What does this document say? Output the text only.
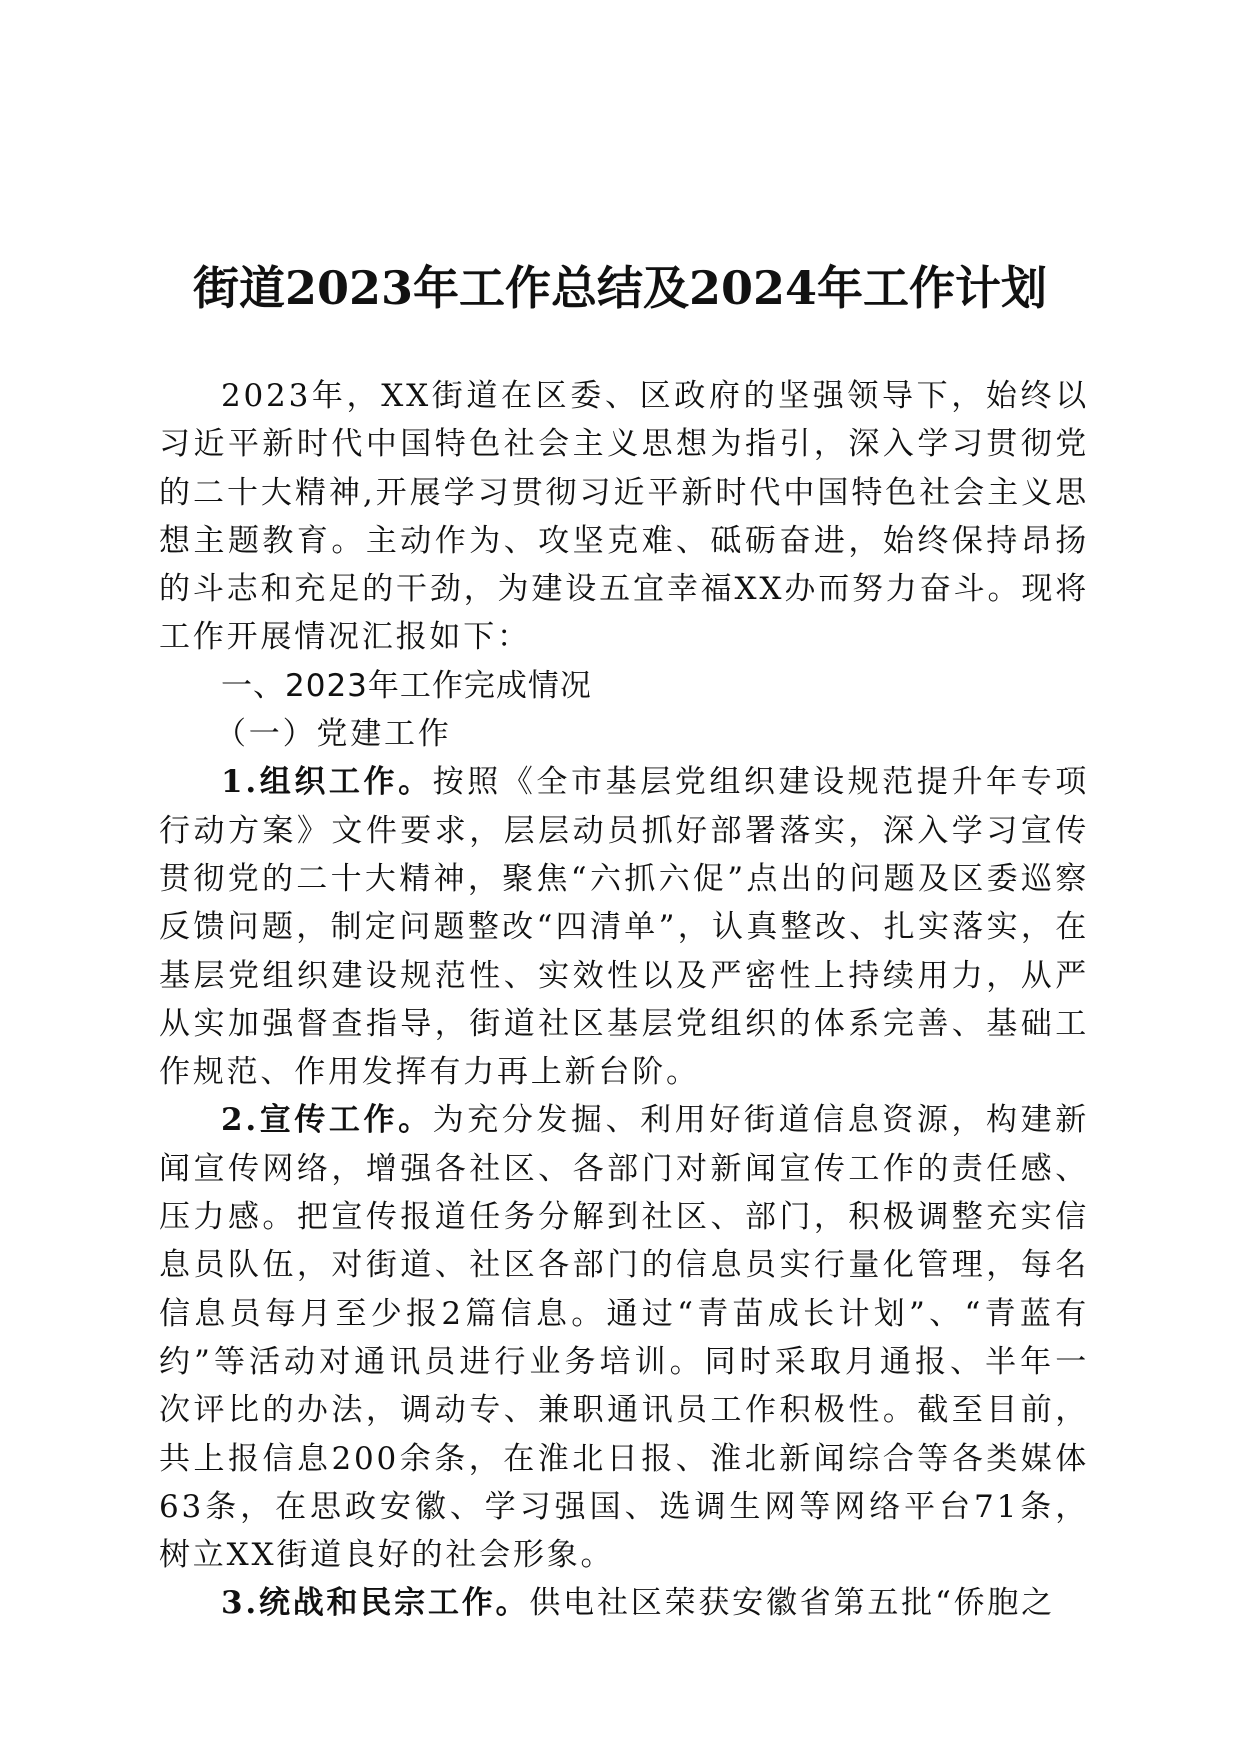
街道2023年工作总结及2024年工作计划

2023年，XX街道在区委、区政府的坚强领导下，始终以习近平新时代中国特色社会主义思想为指引，深入学习贯彻党的二十大精神,开展学习贯彻习近平新时代中国特色社会主义思想主题教育。主动作为、攻坚克难、砥砺奋进，始终保持昂扬的斗志和充足的干劲，为建设五宜幸福XX办而努力奋斗。现将工作开展情况汇报如下：

一、2023年工作完成情况

（一）党建工作

1.组织工作。按照《全市基层党组织建设规范提升年专项行动方案》文件要求，层层动员抓好部署落实，深入学习宣传贯彻党的二十大精神，聚焦“六抓六促”点出的问题及区委巡察反馈问题，制定问题整改“四清单”，认真整改、扎实落实，在基层党组织建设规范性、实效性以及严密性上持续用力，从严从实加强督查指导，街道社区基层党组织的体系完善、基础工作规范、作用发挥有力再上新台阶。

2.宣传工作。为充分发掘、利用好街道信息资源，构建新闻宣传网络，增强各社区、各部门对新闻宣传工作的责任感、压力感。把宣传报道任务分解到社区、部门，积极调整充实信息员队伍，对街道、社区各部门的信息员实行量化管理，每名信息员每月至少报2篇信息。通过“青苗成长计划”、“青蓝有约”等活动对通讯员进行业务培训。同时采取月通报、半年一次评比的办法，调动专、兼职通讯员工作积极性。截至目前，共上报信息200余条，在淮北日报、淮北新闻综合等各类媒体63条，在思政安徽、学习强国、选调生网等网络平台71条，树立XX街道良好的社会形象。

3.统战和民宗工作。供电社区荣获安徽省第五批“侨胞之
